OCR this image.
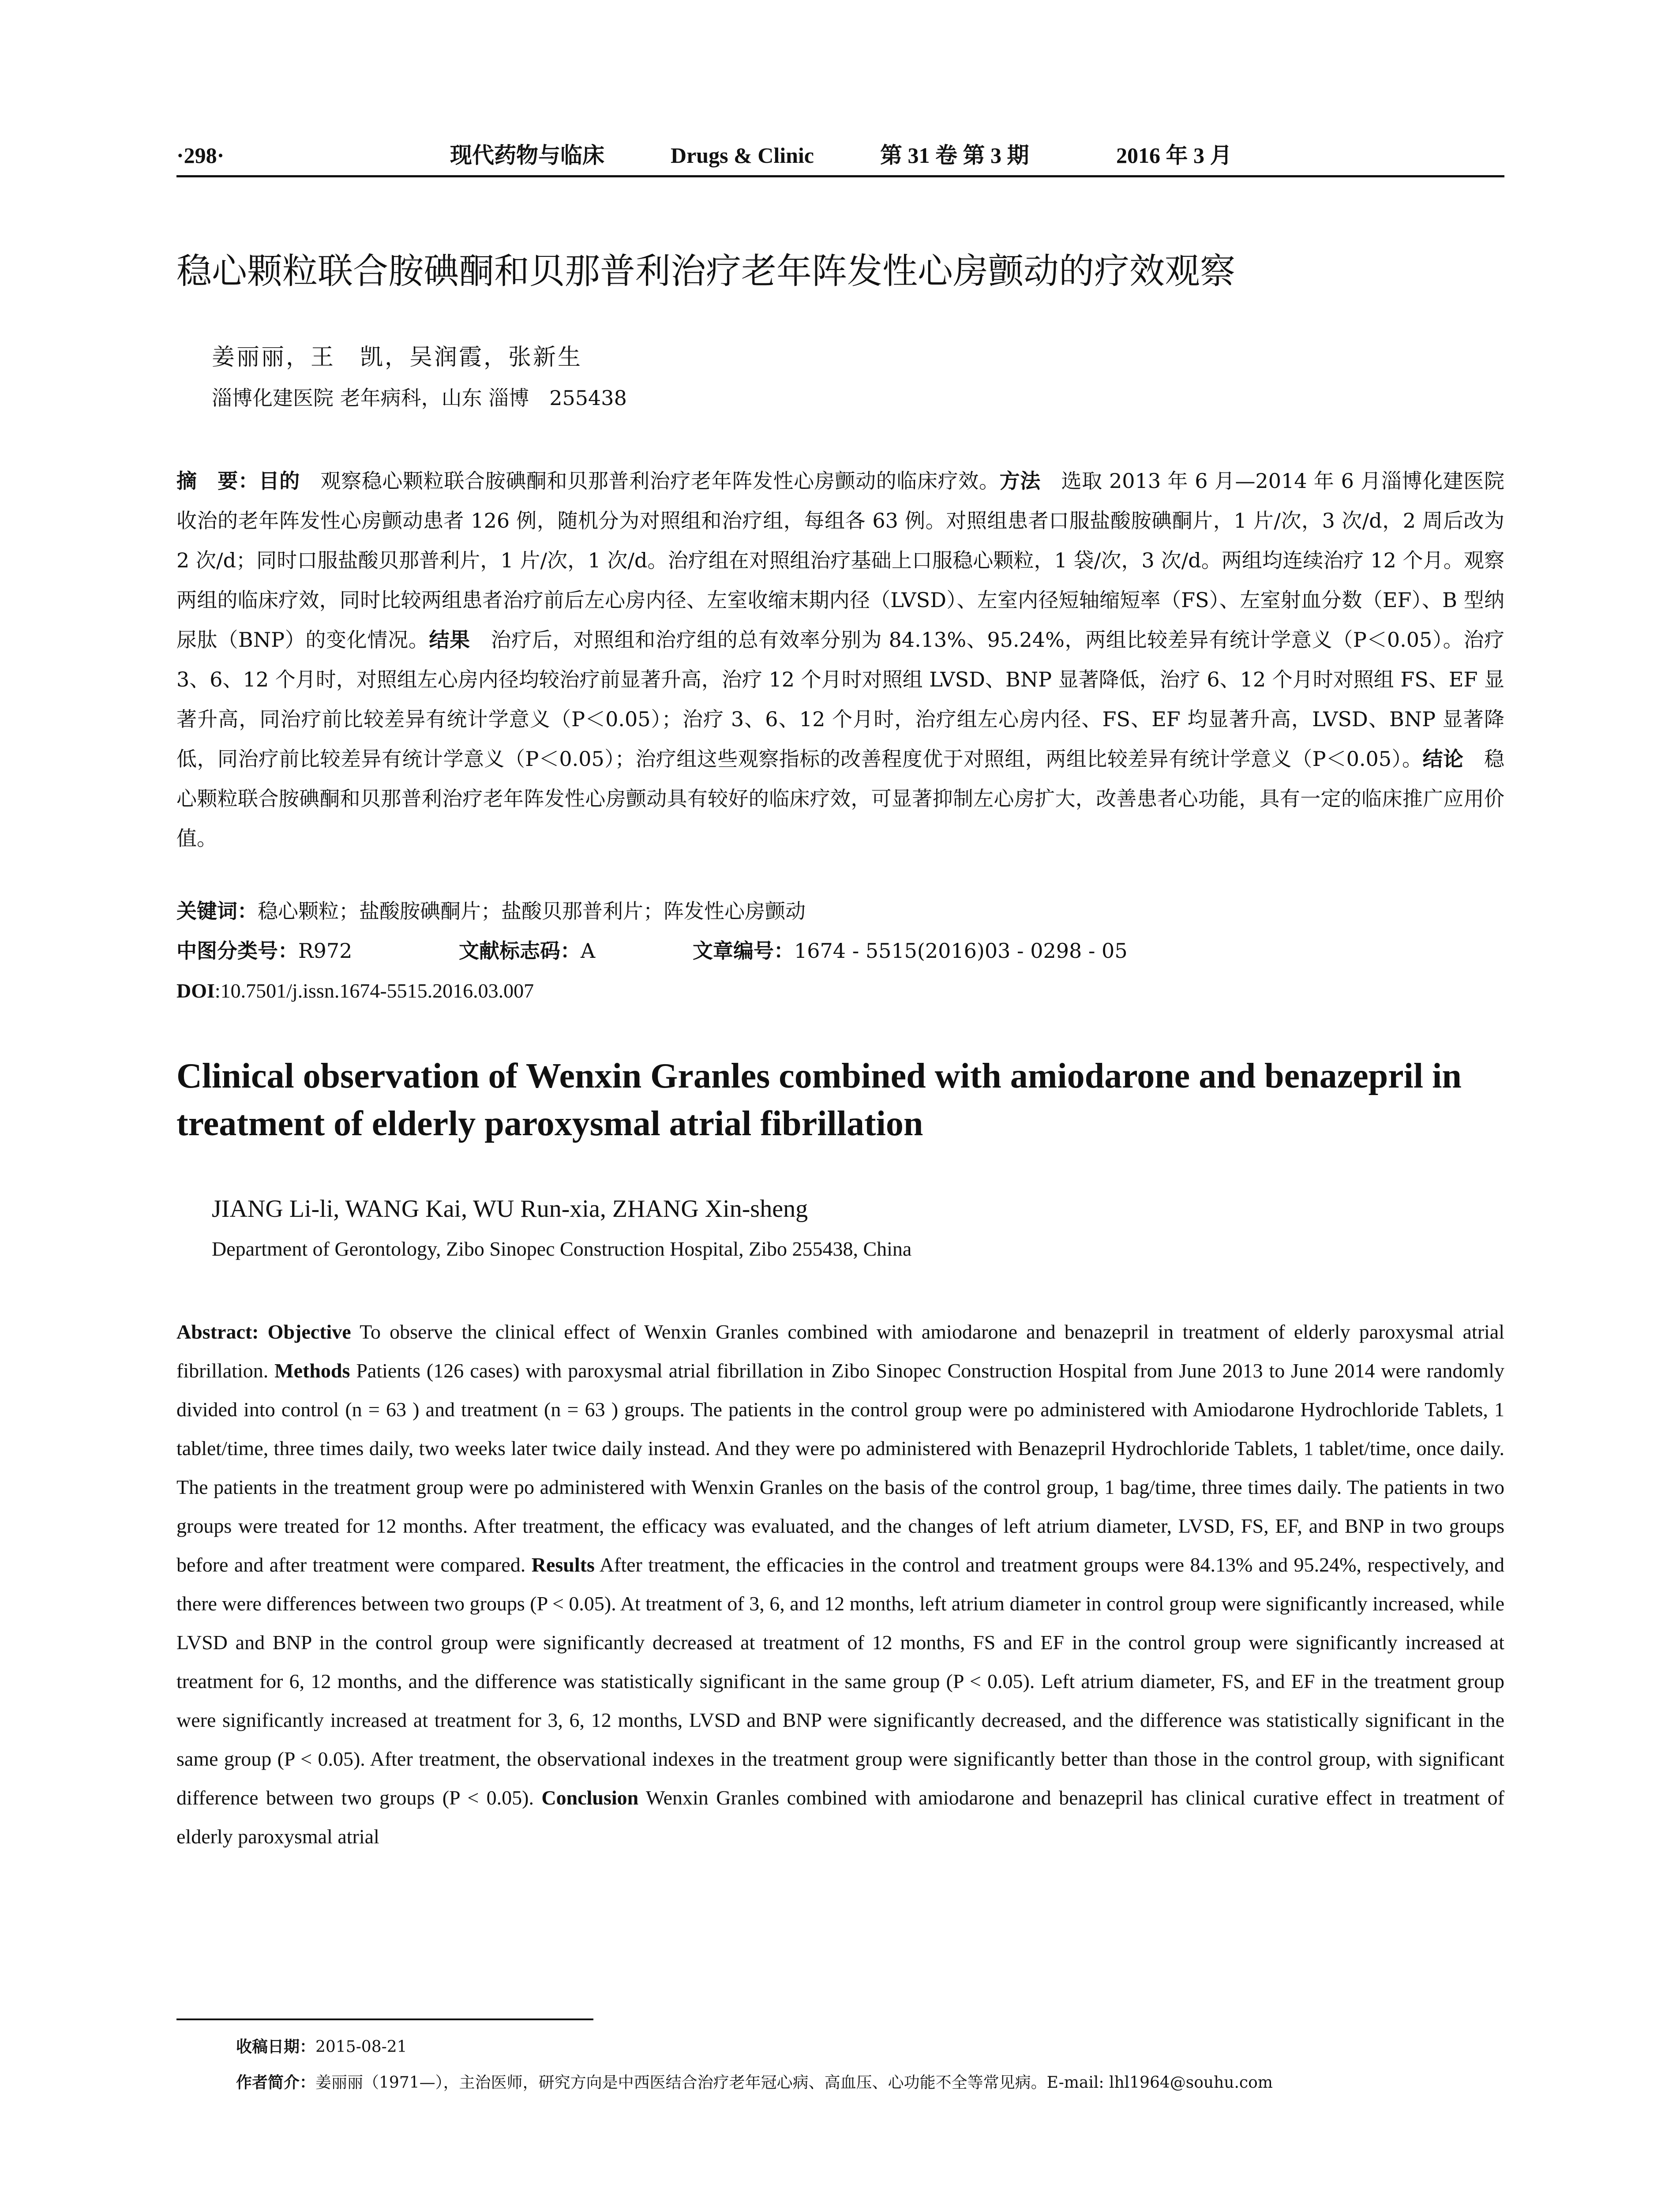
·298·	现代药物与临床	Drugs & Clinic	第 31 卷 第 3 期	2016 年 3 月
稳心颗粒联合胺碘酮和贝那普利治疗老年阵发性心房颤动的疗效观察
姜丽丽，王　凯，吴润霞，张新生
淄博化建医院 老年病科，山东 淄博　255438
摘　要：目的　观察稳心颗粒联合胺碘酮和贝那普利治疗老年阵发性心房颤动的临床疗效。方法　选取 2013 年 6 月—2014 年 6 月淄博化建医院收治的老年阵发性心房颤动患者 126 例，随机分为对照组和治疗组，每组各 63 例。对照组患者口服盐酸胺碘酮片，1 片/次，3 次/d，2 周后改为 2 次/d；同时口服盐酸贝那普利片，1 片/次，1 次/d。治疗组在对照组治疗基础上口服稳心颗粒，1 袋/次，3 次/d。两组均连续治疗 12 个月。观察两组的临床疗效，同时比较两组患者治疗前后左心房内径、左室收缩末期内径（LVSD）、左室内径短轴缩短率（FS）、左室射血分数（EF）、B 型纳尿肽（BNP）的变化情况。结果　治疗后，对照组和治疗组的总有效率分别为 84.13%、95.24%，两组比较差异有统计学意义（P＜0.05）。治疗 3、6、12 个月时，对照组左心房内径均较治疗前显著升高，治疗 12 个月时对照组 LVSD、BNP 显著降低，治疗 6、12 个月时对照组 FS、EF 显著升高，同治疗前比较差异有统计学意义（P＜0.05）；治疗 3、6、12 个月时，治疗组左心房内径、FS、EF 均显著升高，LVSD、BNP 显著降低，同治疗前比较差异有统计学意义（P＜0.05）；治疗组这些观察指标的改善程度优于对照组，两组比较差异有统计学意义（P＜0.05）。结论　稳心颗粒联合胺碘酮和贝那普利治疗老年阵发性心房颤动具有较好的临床疗效，可显著抑制左心房扩大，改善患者心功能，具有一定的临床推广应用价值。
关键词：稳心颗粒；盐酸胺碘酮片；盐酸贝那普利片；阵发性心房颤动
中图分类号：R972	文献标志码：A	文章编号：1674 - 5515(2016)03 - 0298 - 05
DOI:10.7501/j.issn.1674-5515.2016.03.007
Clinical observation of Wenxin Granles combined with amiodarone and benazepril in treatment of elderly paroxysmal atrial fibrillation
JIANG Li-li, WANG Kai, WU Run-xia, ZHANG Xin-sheng
Department of Gerontology, Zibo Sinopec Construction Hospital, Zibo 255438, China
Abstract: Objective To observe the clinical effect of Wenxin Granles combined with amiodarone and benazepril in treatment of elderly paroxysmal atrial fibrillation. Methods Patients (126 cases) with paroxysmal atrial fibrillation in Zibo Sinopec Construction Hospital from June 2013 to June 2014 were randomly divided into control (n = 63 ) and treatment (n = 63 ) groups. The patients in the control group were po administered with Amiodarone Hydrochloride Tablets, 1 tablet/time, three times daily, two weeks later twice daily instead. And they were po administered with Benazepril Hydrochloride Tablets, 1 tablet/time, once daily. The patients in the treatment group were po administered with Wenxin Granles on the basis of the control group, 1 bag/time, three times daily. The patients in two groups were treated for 12 months. After treatment, the efficacy was evaluated, and the changes of left atrium diameter, LVSD, FS, EF, and BNP in two groups before and after treatment were compared. Results After treatment, the efficacies in the control and treatment groups were 84.13% and 95.24%, respectively, and there were differences between two groups (P < 0.05). At treatment of 3, 6, and 12 months, left atrium diameter in control group were significantly increased, while LVSD and BNP in the control group were significantly decreased at treatment of 12 months, FS and EF in the control group were significantly increased at treatment for 6, 12 months, and the difference was statistically significant in the same group (P < 0.05). Left atrium diameter, FS, and EF in the treatment group were significantly increased at treatment for 3, 6, 12 months, LVSD and BNP were significantly decreased, and the difference was statistically significant in the same group (P < 0.05). After treatment, the observational indexes in the treatment group were significantly better than those in the control group, with significant difference between two groups (P < 0.05). Conclusion Wenxin Granles combined with amiodarone and benazepril has clinical curative effect in treatment of elderly paroxysmal atrial
收稿日期：2015-08-21
作者简介：姜丽丽（1971—），主治医师，研究方向是中西医结合治疗老年冠心病、高血压、心功能不全等常见病。E-mail: lhl1964@souhu.com
